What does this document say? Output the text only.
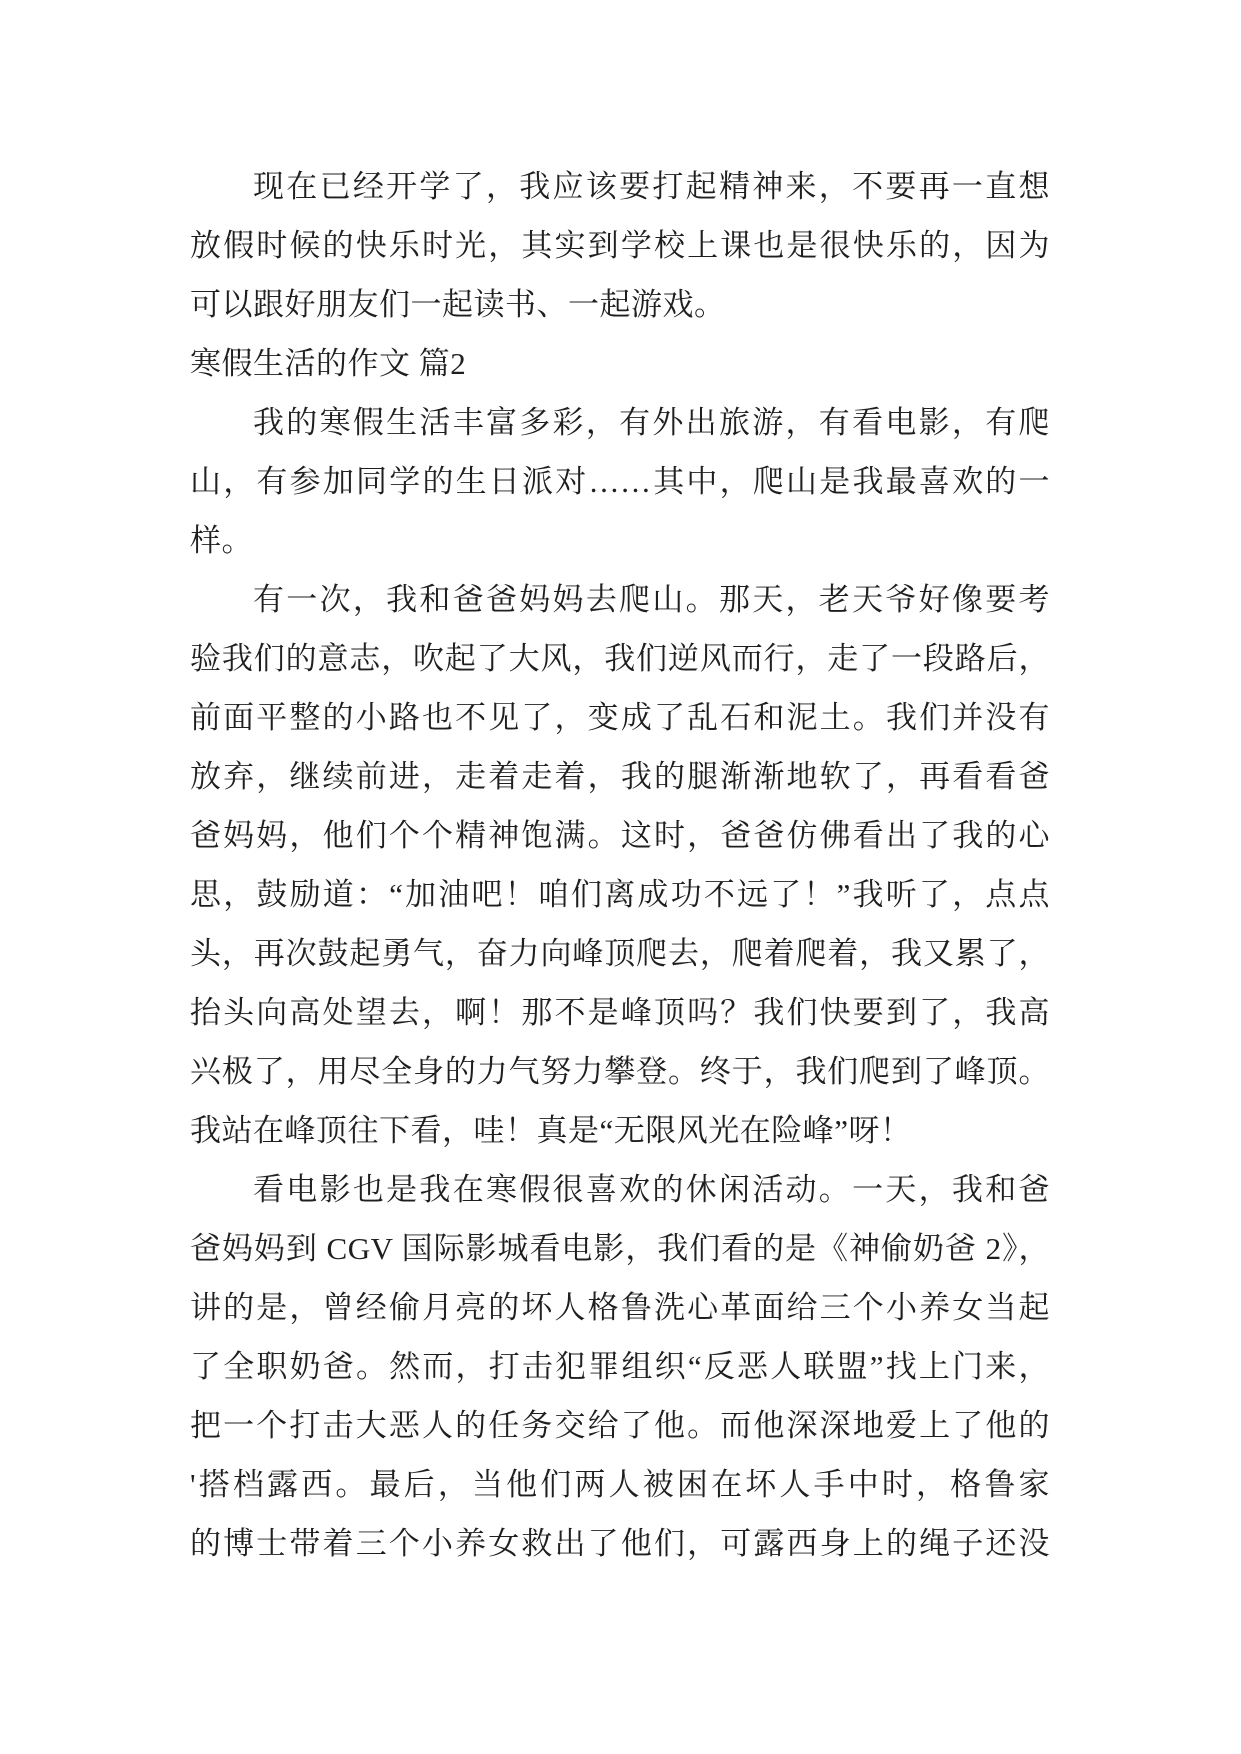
现在已经开学了，我应该要打起精神来，不要再一直想
放假时候的快乐时光，其实到学校上课也是很快乐的，因为
可以跟好朋友们一起读书、一起游戏。
寒假生活的作文 篇2
我的寒假生活丰富多彩，有外出旅游，有看电影，有爬
山，有参加同学的生日派对……其中，爬山是我最喜欢的一
样。
有一次，我和爸爸妈妈去爬山。那天，老天爷好像要考
验我们的意志，吹起了大风，我们逆风而行，走了一段路后，
前面平整的小路也不见了，变成了乱石和泥土。我们并没有
放弃，继续前进，走着走着，我的腿渐渐地软了，再看看爸
爸妈妈，他们个个精神饱满。这时，爸爸仿佛看出了我的心
思，鼓励道：“加油吧！咱们离成功不远了！”我听了，点点
头，再次鼓起勇气，奋力向峰顶爬去，爬着爬着，我又累了，
抬头向高处望去，啊！那不是峰顶吗？我们快要到了，我高
兴极了，用尽全身的力气努力攀登。终于，我们爬到了峰顶。
我站在峰顶往下看，哇！真是“无限风光在险峰”呀！
看电影也是我在寒假很喜欢的休闲活动。一天，我和爸
爸妈妈到 CGV 国际影城看电影，我们看的是《神偷奶爸 2》，
讲的是，曾经偷月亮的坏人格鲁洗心革面给三个小养女当起
了全职奶爸。然而，打击犯罪组织“反恶人联盟”找上门来，
把一个打击大恶人的任务交给了他。而他深深地爱上了他的
'搭档露西。最后，当他们两人被困在坏人手中时，格鲁家
的博士带着三个小养女救出了他们，可露西身上的绳子还没
